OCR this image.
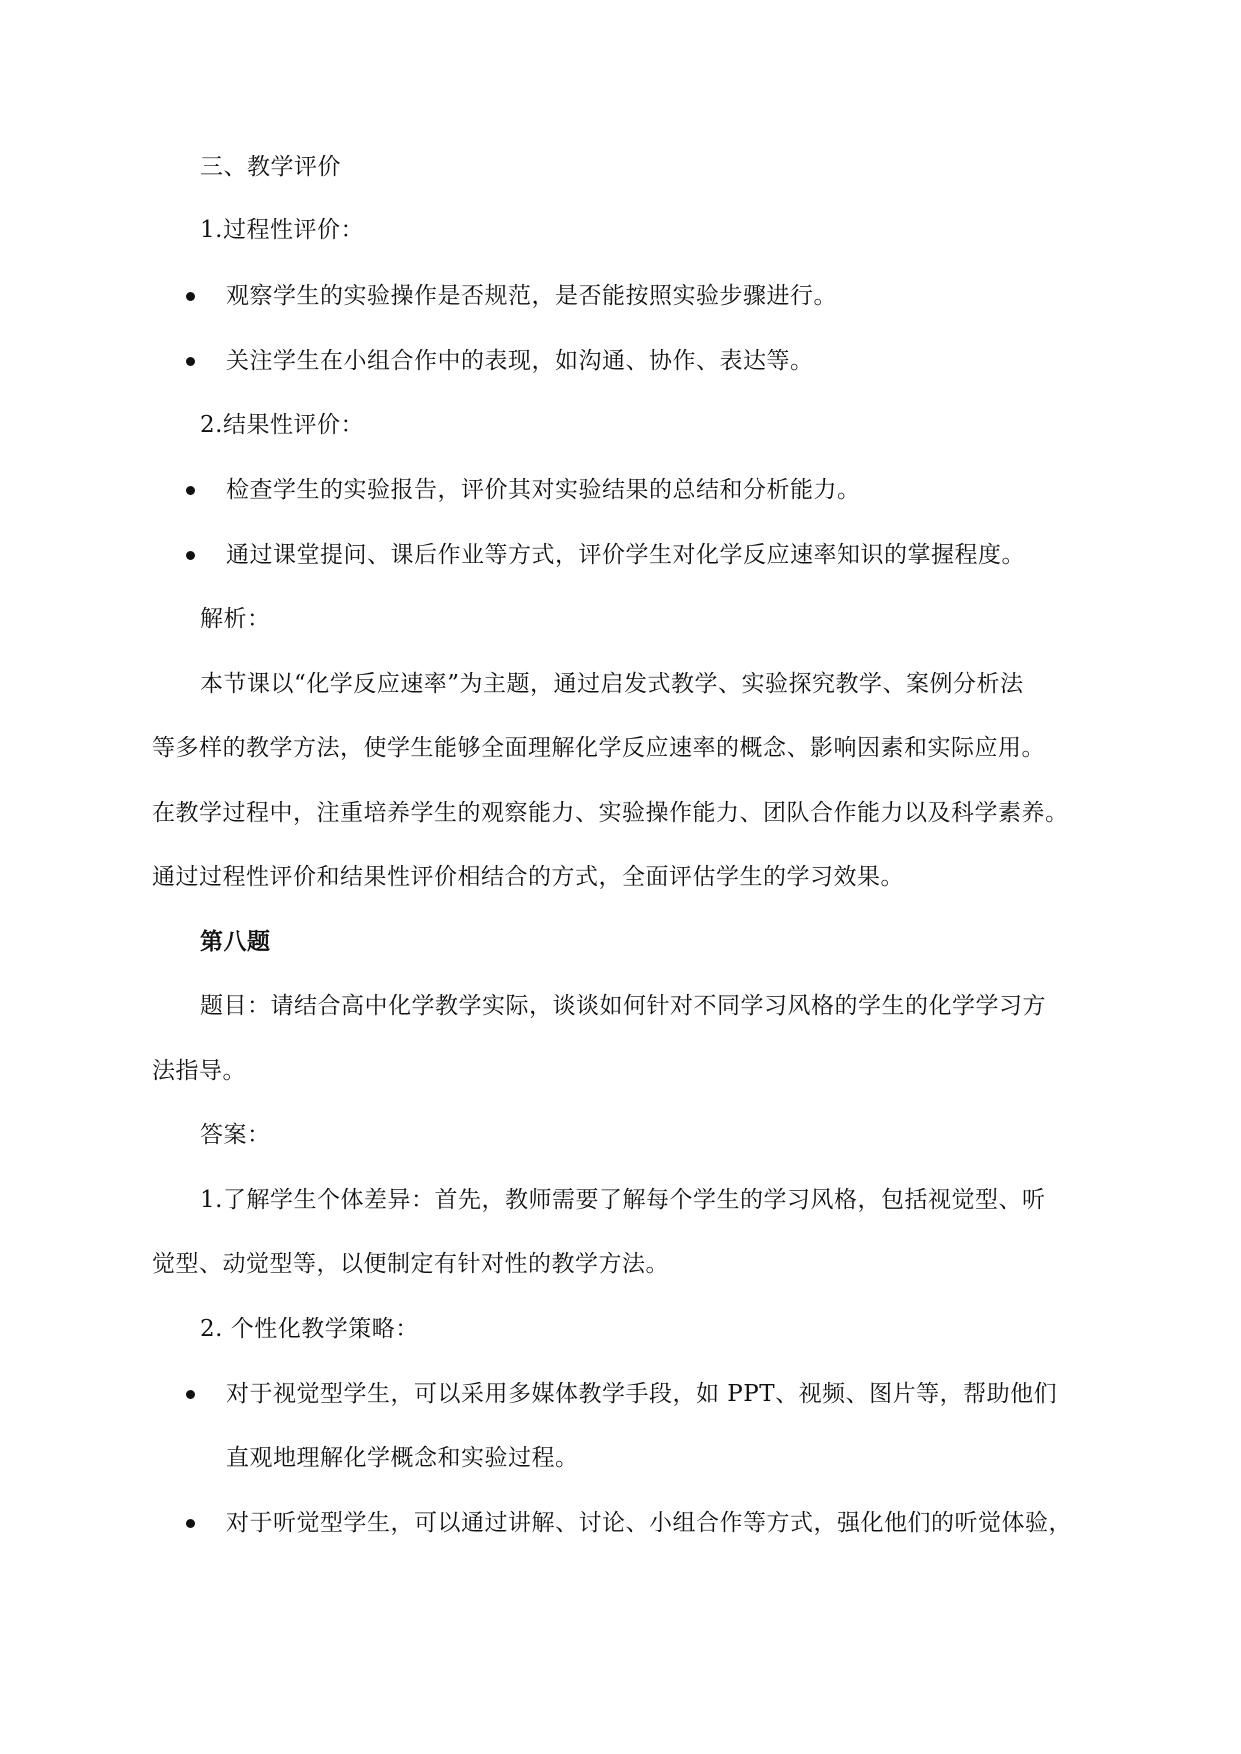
三、教学评价
1.过程性评价：
观察学生的实验操作是否规范，是否能按照实验步骤进行。
关注学生在小组合作中的表现，如沟通、协作、表达等。
2.结果性评价：
检查学生的实验报告，评价其对实验结果的总结和分析能力。
通过课堂提问、课后作业等方式，评价学生对化学反应速率知识的掌握程度。
解析：
本节课以“化学反应速率”为主题，通过启发式教学、实验探究教学、案例分析法
等多样的教学方法，使学生能够全面理解化学反应速率的概念、影响因素和实际应用。
在教学过程中，注重培养学生的观察能力、实验操作能力、团队合作能力以及科学素养。
通过过程性评价和结果性评价相结合的方式，全面评估学生的学习效果。
第八题
题目：请结合高中化学教学实际，谈谈如何针对不同学习风格的学生的化学学习方
法指导。
答案：
1.了解学生个体差异：首先，教师需要了解每个学生的学习风格，包括视觉型、听
觉型、动觉型等，以便制定有针对性的教学方法。
2. 个性化教学策略：
对于视觉型学生，可以采用多媒体教学手段，如 PPT、视频、图片等，帮助他们
直观地理解化学概念和实验过程。
对于听觉型学生，可以通过讲解、讨论、小组合作等方式，强化他们的听觉体验，
